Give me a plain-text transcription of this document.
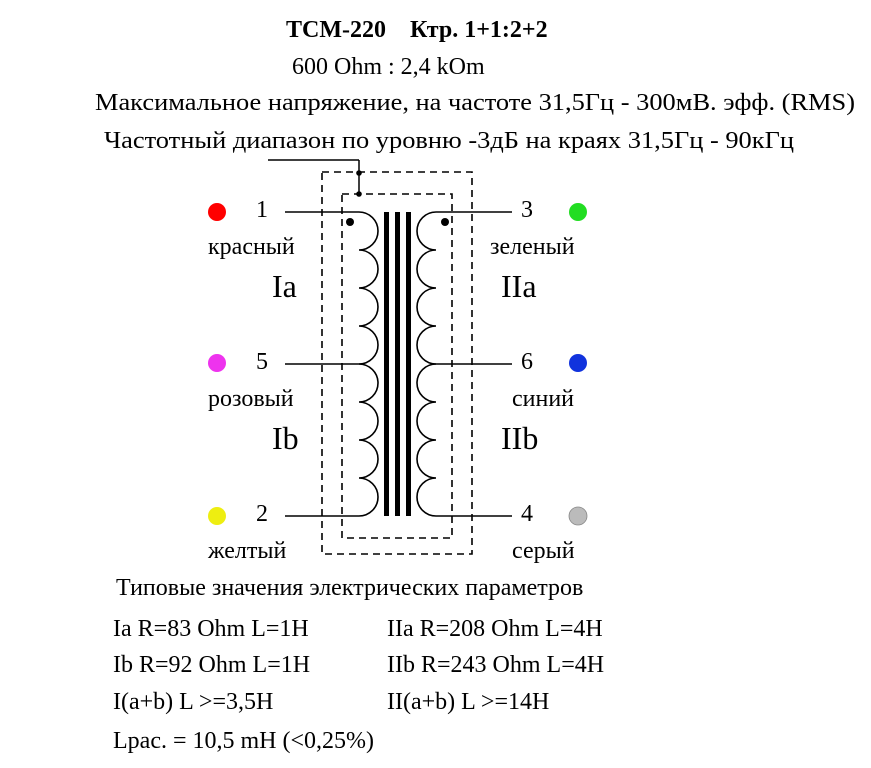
TCM-220 Ктр. 1+1:2+2
600 Ohm : 2,4 kOm
Максимальное напряжение, на частоте 31,5Гц - 300мВ. эфф. (RMS)
Частотный диапазон по уровню -3дБ на краях 31,5Гц - 90кГц
1
красный
3
зеленый
5
розовый
6
синий
2
желтый
4
серый
Ia	IIa
Ib	IIb
Типовые значения электрических параметров
Ia R=83 Ohm L=1H	IIa R=208 Ohm L=4H
Ib R=92 Ohm L=1H	IIb R=243 Ohm L=4H
I(a+b) L >=3,5H	II(a+b) L >=14H
Lрас. = 10,5 mH (<0,25%)
